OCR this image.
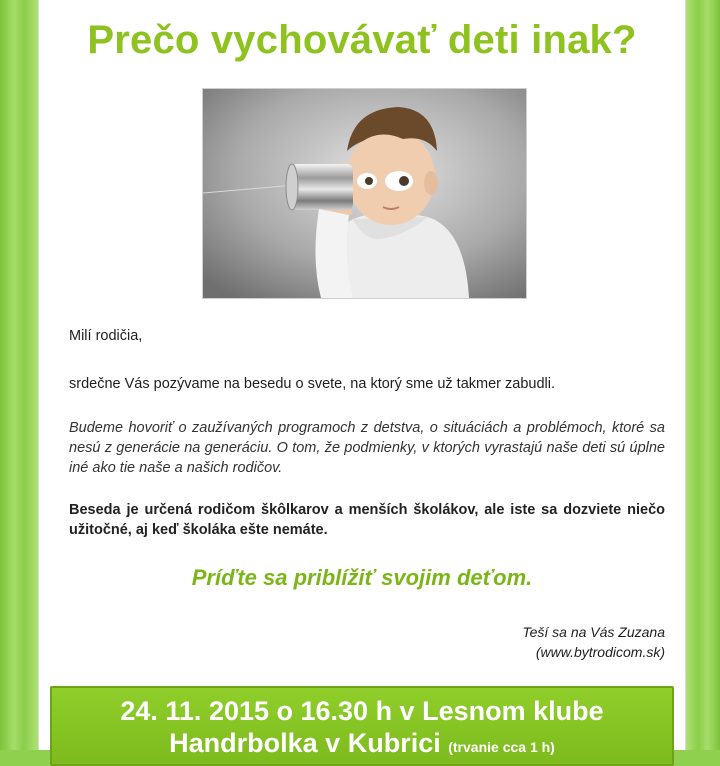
Prečo vychovávať deti inak?
Milí rodičia,
srdečne Vás pozývame na besedu o svete, na ktorý sme už takmer zabudli.
Budeme hovoriť o zaužívaných programoch z detstva, o situáciách a problémoch, ktoré sa nesú z generácie na generáciu. O tom, že podmienky, v ktorých vyrastajú naše deti sú úplne iné ako tie naše a našich rodičov.
Beseda je určená rodičom škôlkarov a menších školákov, ale iste sa dozviete niečo užitočné, aj keď školáka ešte nemáte.
Príďte sa priblížiť svojim deťom.
Teší sa na Vás Zuzana
(www.bytrodicom.sk)
24. 11. 2015 o 16.30 h v Lesnom klube
Handrbolka v Kubrici (trvanie cca 1 h)
